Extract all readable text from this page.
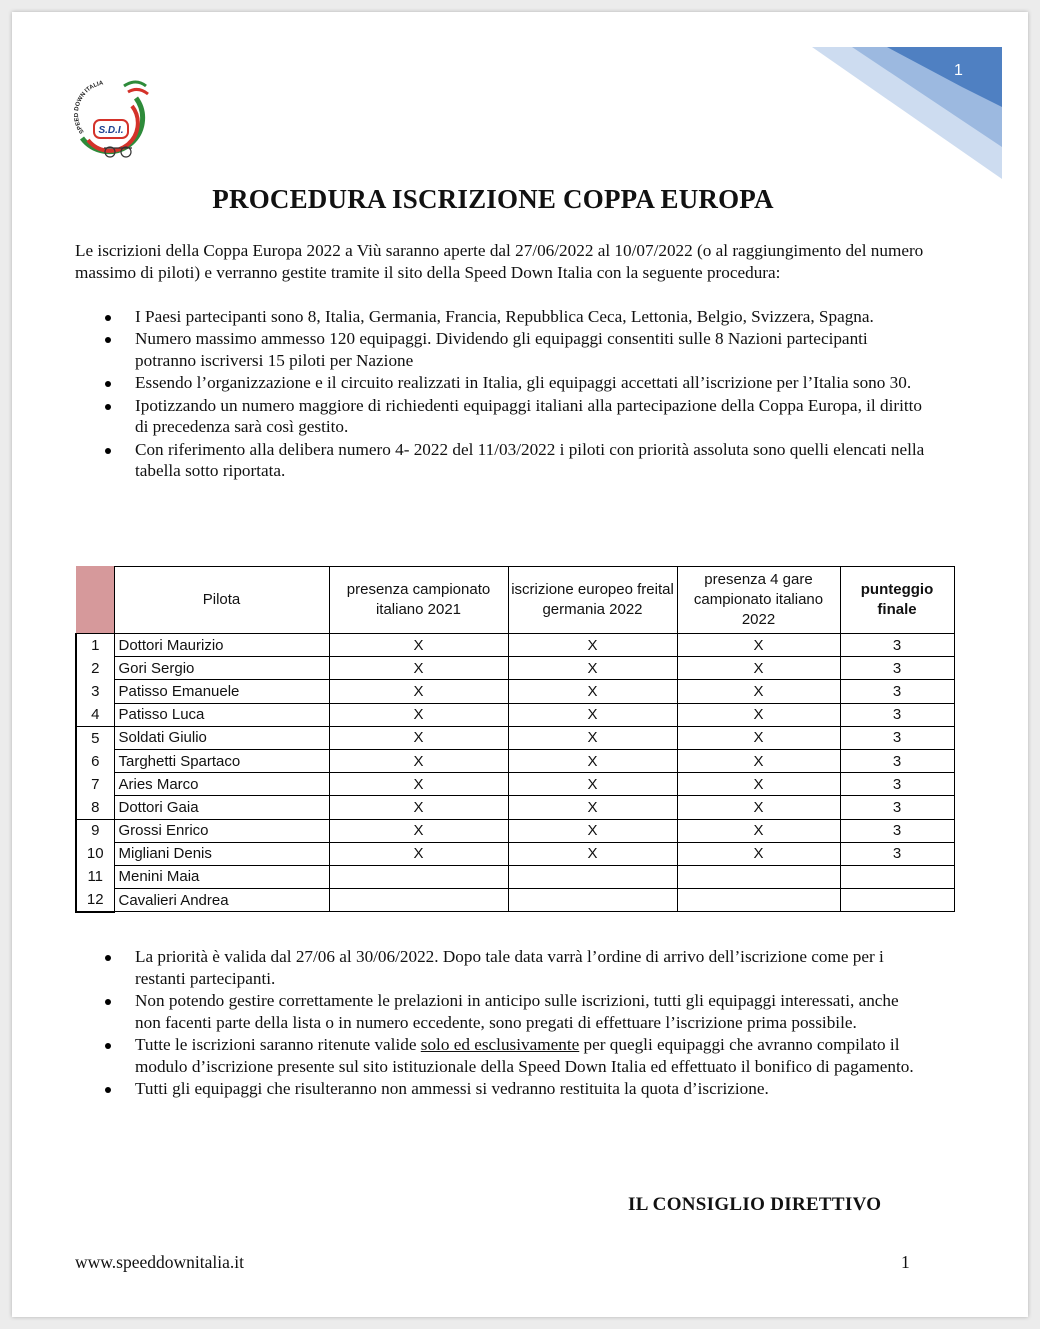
1
SPEED DOWN ITALIA
S.D.I.
PROCEDURA ISCRIZIONE COPPA EUROPA

Le iscrizioni della Coppa Europa 2022 a Viù saranno aperte dal 27/06/2022 al 10/07/2022 (o al raggiungimento del numero massimo di piloti) e verranno gestite tramite il sito della Speed Down Italia con la seguente procedura:

I Paesi partecipanti sono 8, Italia, Germania, Francia, Repubblica Ceca, Lettonia, Belgio, Svizzera, Spagna.
Numero massimo ammesso 120 equipaggi. Dividendo gli equipaggi consentiti sulle 8 Nazioni partecipanti potranno iscriversi 15 piloti per Nazione
Essendo l’organizzazione e il circuito realizzati in Italia, gli equipaggi accettati all’iscrizione per l’Italia sono 30.
Ipotizzando un numero maggiore di richiedenti equipaggi italiani alla partecipazione della Coppa Europa, il diritto di precedenza sarà così gestito.
Con riferimento alla delibera numero 4- 2022 del 11/03/2022 i piloti con priorità assoluta sono quelli elencati nella tabella sotto riportata.
	Pilota	presenza campionato italiano 2021	iscrizione europeo freital germania 2022	presenza 4 gare campionato italiano 2022	punteggio finale
1	Dottori Maurizio	X	X	X	3
2	Gori Sergio	X	X	X	3
3	Patisso Emanuele	X	X	X	3
4	Patisso Luca	X	X	X	3
5	Soldati Giulio	X	X	X	3
6	Targhetti Spartaco	X	X	X	3
7	Aries Marco	X	X	X	3
8	Dottori Gaia	X	X	X	3
9	Grossi Enrico	X	X	X	3
10	Migliani Denis	X	X	X	3
11	Menini Maia				
12	Cavalieri Andrea				
La priorità è valida dal 27/06 al 30/06/2022. Dopo tale data varrà l’ordine di arrivo dell’iscrizione come per i restanti partecipanti.
Non potendo gestire correttamente le prelazioni in anticipo sulle iscrizioni, tutti gli equipaggi interessati, anche non facenti parte della lista o in numero eccedente, sono pregati di effettuare l’iscrizione prima possibile.
Tutte le iscrizioni saranno ritenute valide solo ed esclusivamente per quegli equipaggi che avranno compilato il modulo d’iscrizione presente sul sito istituzionale della Speed Down Italia ed effettuato il bonifico di pagamento.
Tutti gli equipaggi che risulteranno non ammessi si vedranno restituita la quota d’iscrizione.
IL CONSIGLIO DIRETTIVO
www.speeddownitalia.it	1
